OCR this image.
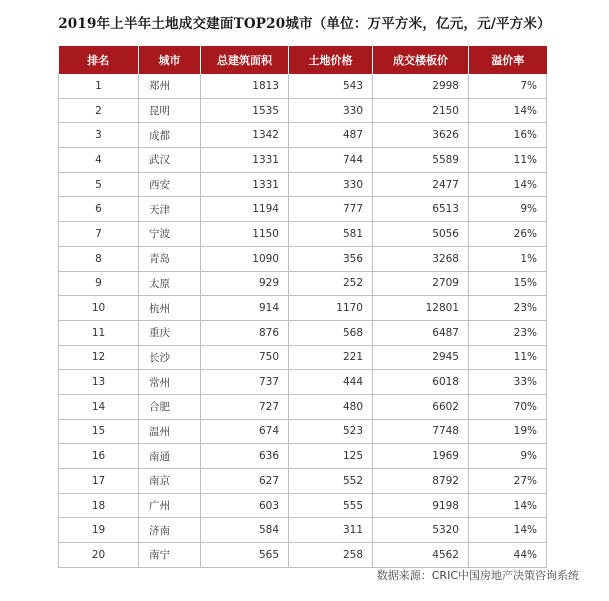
2019年上半年土地成交建面TOP20城市（单位：万平方米，亿元，元/平方米）
排名	城市	总建筑面积	土地价格	成交楼板价	溢价率
1	郑州	1813	543	2998	7%
2	昆明	1535	330	2150	14%
3	成都	1342	487	3626	16%
4	武汉	1331	744	5589	11%
5	西安	1331	330	2477	14%
6	天津	1194	777	6513	9%
7	宁波	1150	581	5056	26%
8	青岛	1090	356	3268	1%
9	太原	929	252	2709	15%
10	杭州	914	1170	12801	23%
11	重庆	876	568	6487	23%
12	长沙	750	221	2945	11%
13	常州	737	444	6018	33%
14	合肥	727	480	6602	70%
15	温州	674	523	7748	19%
16	南通	636	125	1969	9%
17	南京	627	552	8792	27%
18	广州	603	555	9198	14%
19	济南	584	311	5320	14%
20	南宁	565	258	4562	44%
数据来源：CRIC中国房地产决策咨询系统
